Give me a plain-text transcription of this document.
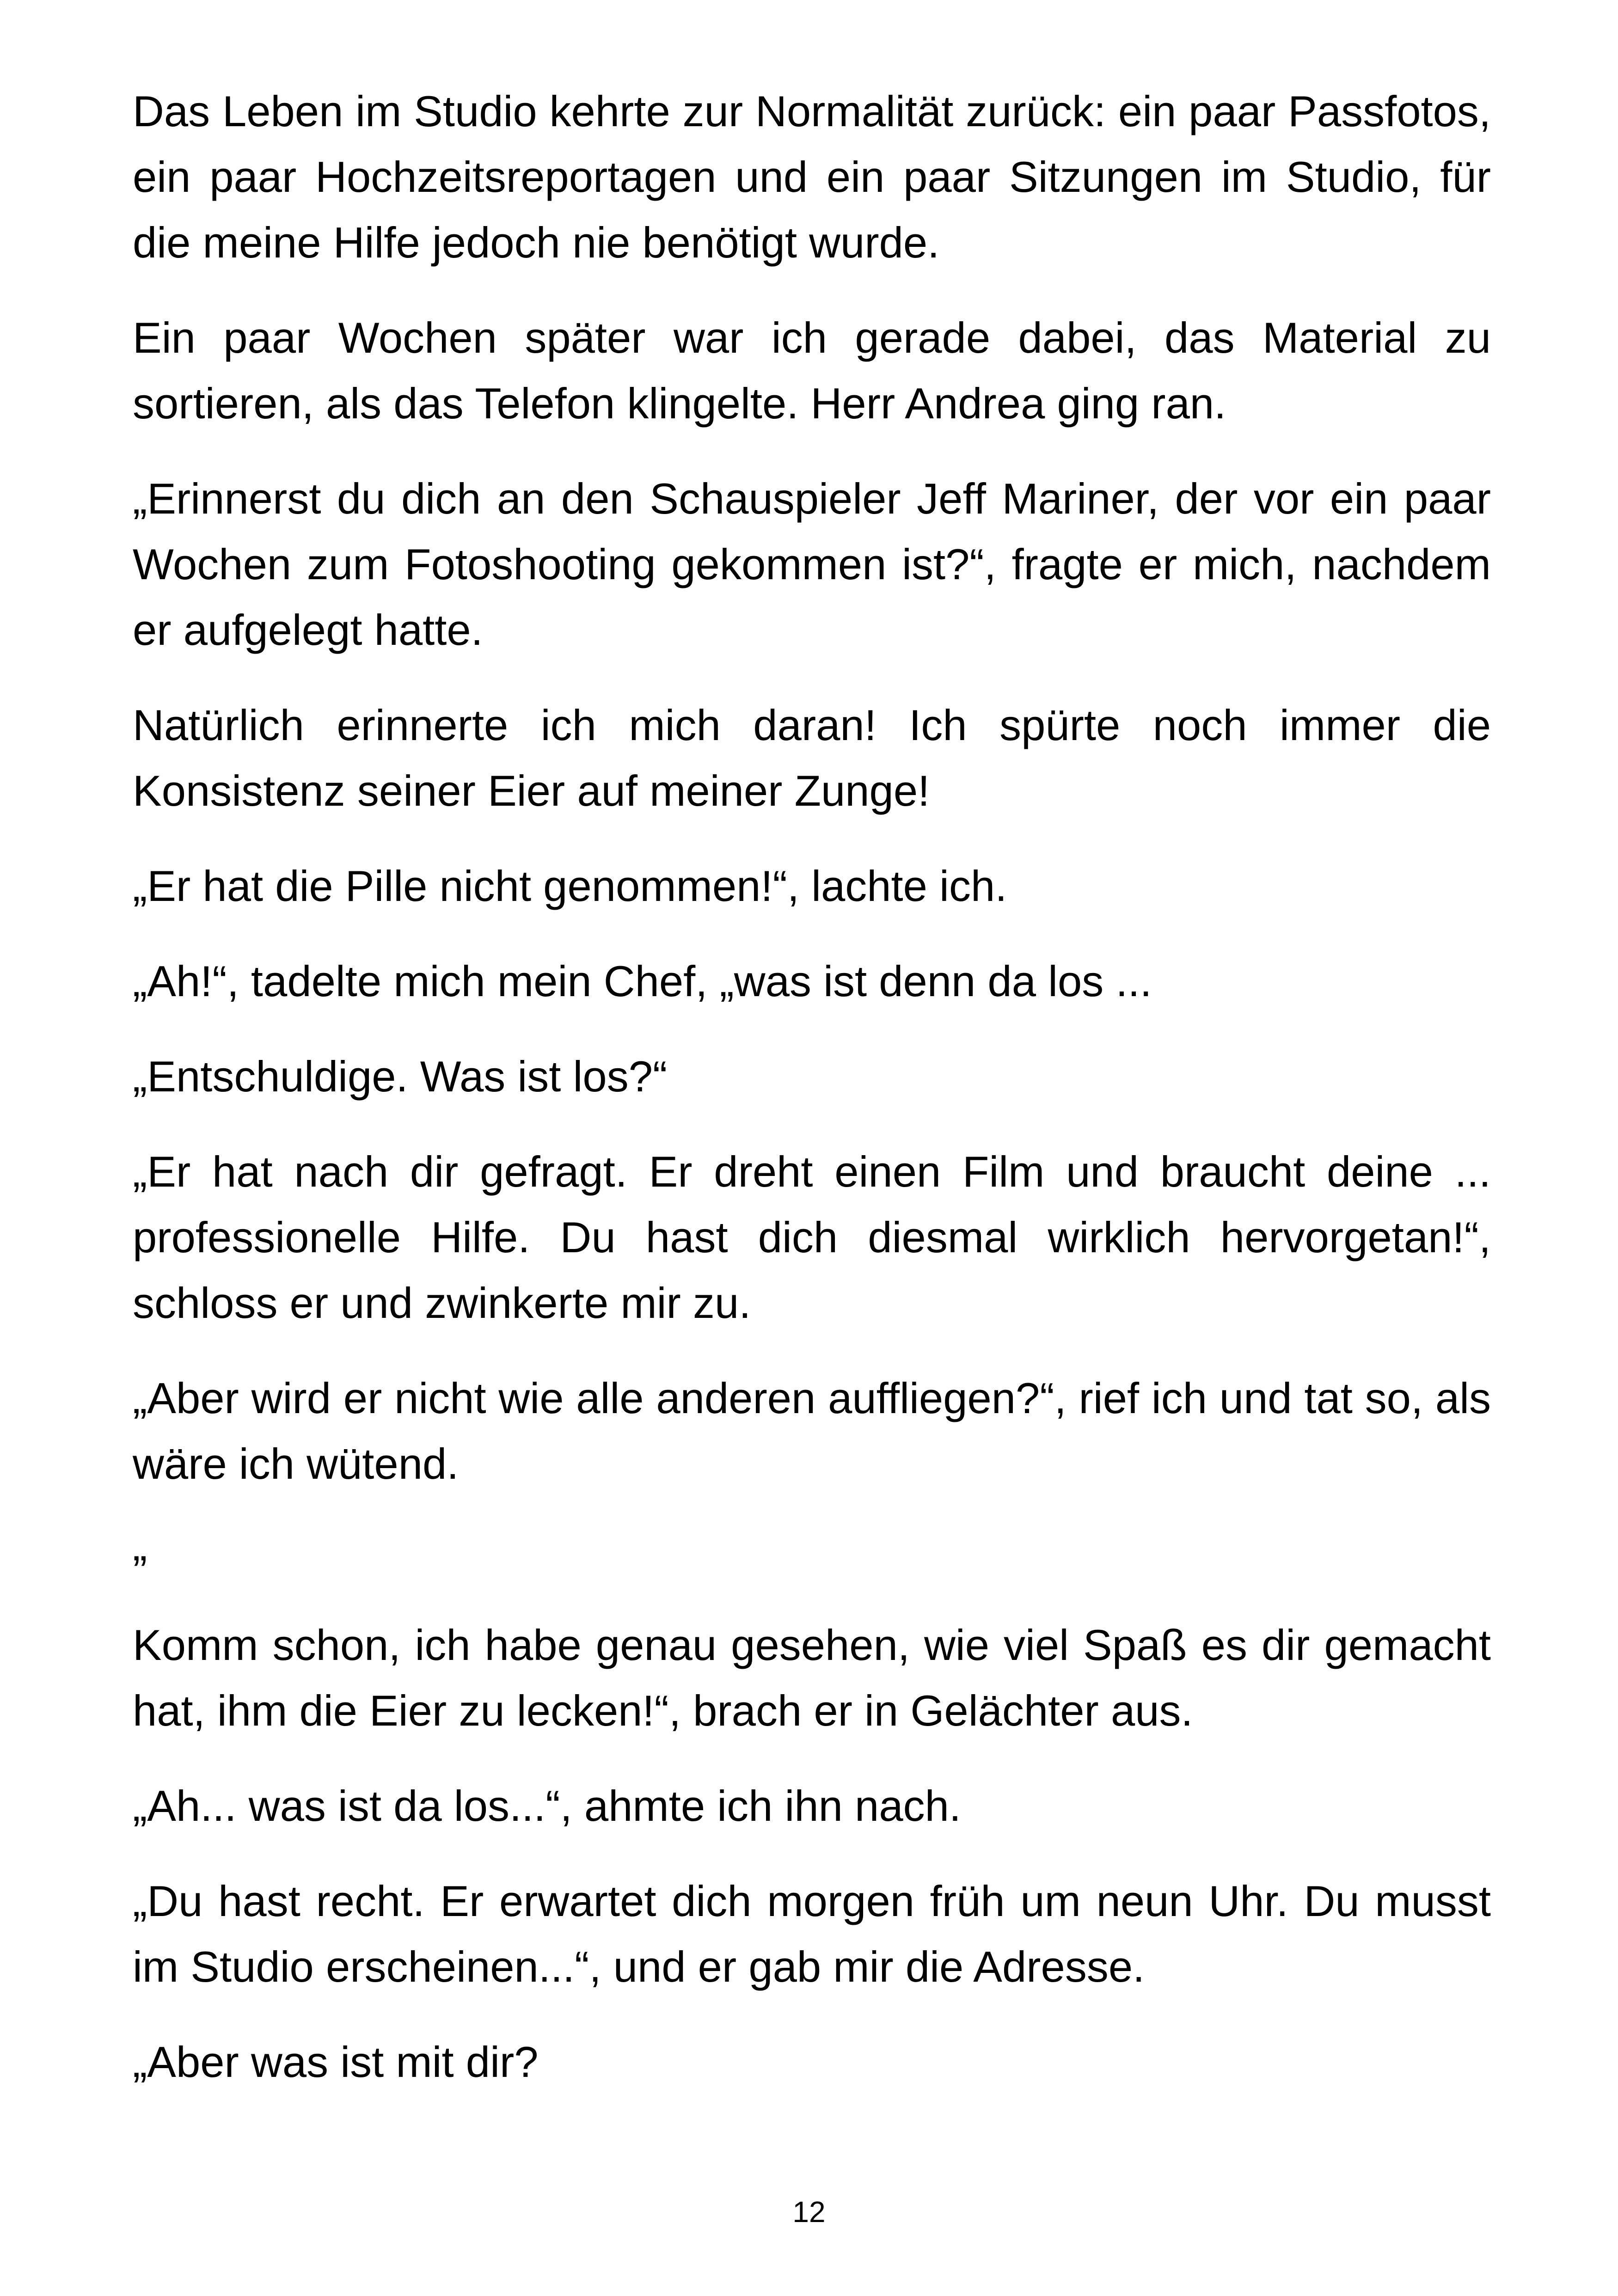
Das Leben im Studio kehrte zur Normalität zurück: ein paar Passfotos, ein paar Hochzeitsreportagen und ein paar Sitzungen im Studio, für die meine Hilfe jedoch nie benötigt wurde.

Ein paar Wochen später war ich gerade dabei, das Material zu sortieren, als das Telefon klingelte. Herr Andrea ging ran.

„Erinnerst du dich an den Schauspieler Jeff Mariner, der vor ein paar Wochen zum Fotoshooting gekommen ist?“, fragte er mich, nachdem er aufgelegt hatte.

Natürlich erinnerte ich mich daran! Ich spürte noch immer die Konsistenz seiner Eier auf meiner Zunge!

„Er hat die Pille nicht genommen!“, lachte ich.

„Ah!“, tadelte mich mein Chef, „was ist denn da los ...

„Entschuldige. Was ist los?“

„Er hat nach dir gefragt. Er dreht einen Film und braucht deine ... professionelle Hilfe. Du hast dich diesmal wirklich hervorgetan!“, schloss er und zwinkerte mir zu.

„Aber wird er nicht wie alle anderen auffliegen?“, rief ich und tat so, als wäre ich wütend.

”

Komm schon, ich habe genau gesehen, wie viel Spaß es dir gemacht hat, ihm die Eier zu lecken!“, brach er in Gelächter aus.

„Ah... was ist da los...“, ahmte ich ihn nach.

„Du hast recht. Er erwartet dich morgen früh um neun Uhr. Du musst im Studio erscheinen...“, und er gab mir die Adresse.

„Aber was ist mit dir?

12
